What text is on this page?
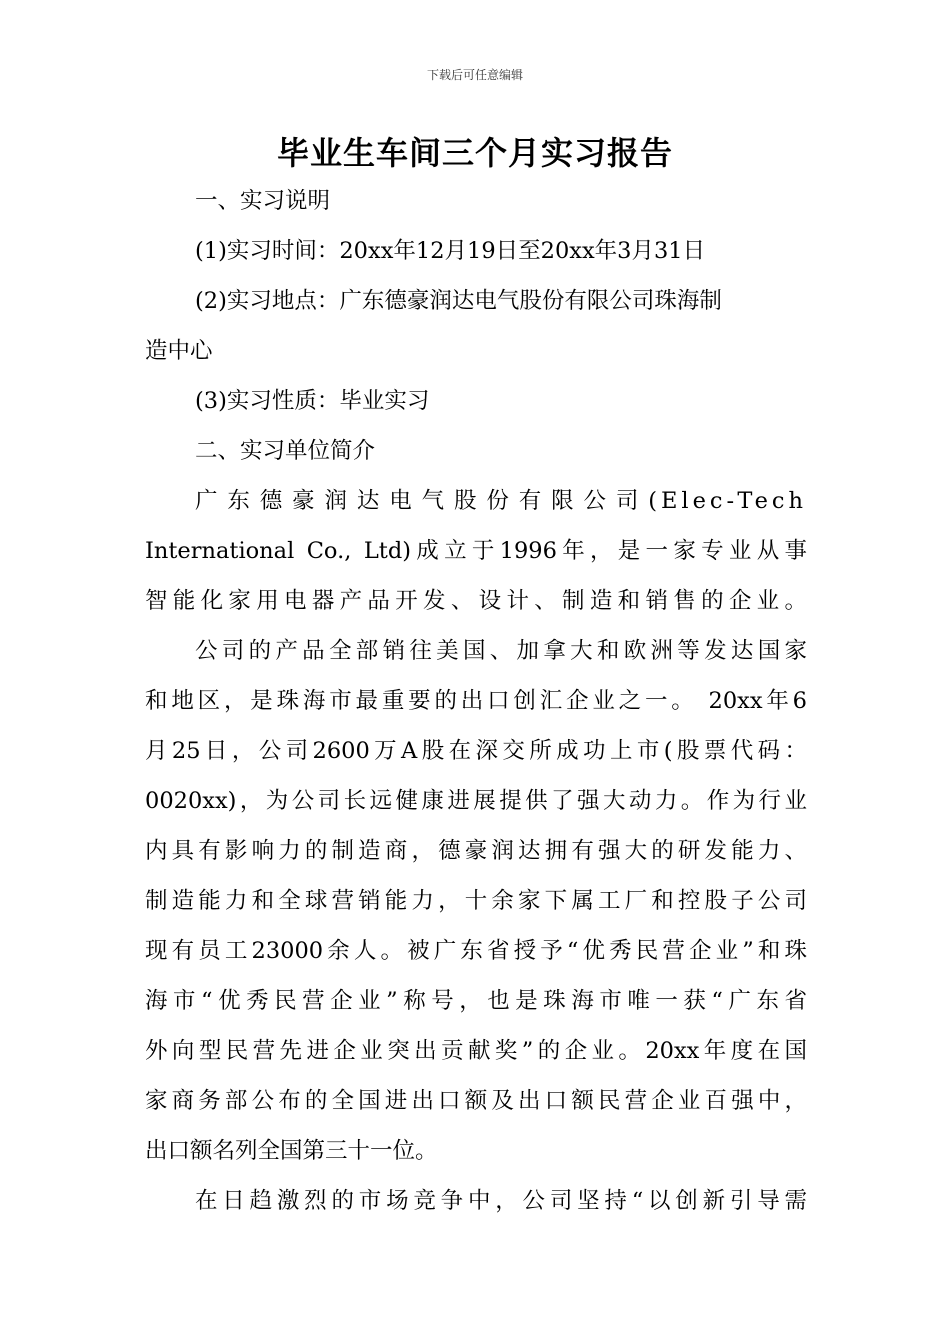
下载后可任意编辑
毕业生车间三个月实习报告
一、实习说明
(1)实习时间：20xx年12月19日至20xx年3月31日
(2)实习地点：广东德豪润达电气股份有限公司珠海制
造中心
(3)实习性质：毕业实习
二、实习单位简介
广东德豪润达电气股份有限公司(Elec-Tech
International Co., Ltd)成立于1996年，是一家专业从事
智能化家用电器产品开发、设计、制造和销售的企业。
公司的产品全部销往美国、加拿大和欧洲等发达国家
和地区，是珠海市最重要的出口创汇企业之一。 20xx年6
月25日，公司2600万A股在深交所成功上市(股票代码：
0020xx)，为公司长远健康进展提供了强大动力。作为行业
内具有影响力的制造商，德豪润达拥有强大的研发能力、
制造能力和全球营销能力，十余家下属工厂和控股子公司
现有员工23000余人。被广东省授予“优秀民营企业”和珠
海市“优秀民营企业”称号，也是珠海市唯一获“广东省
外向型民营先进企业突出贡献奖”的企业。20xx年度在国
家商务部公布的全国进出口额及出口额民营企业百强中，
出口额名列全国第三十一位。
在日趋激烈的市场竞争中，公司坚持“以创新引导需
